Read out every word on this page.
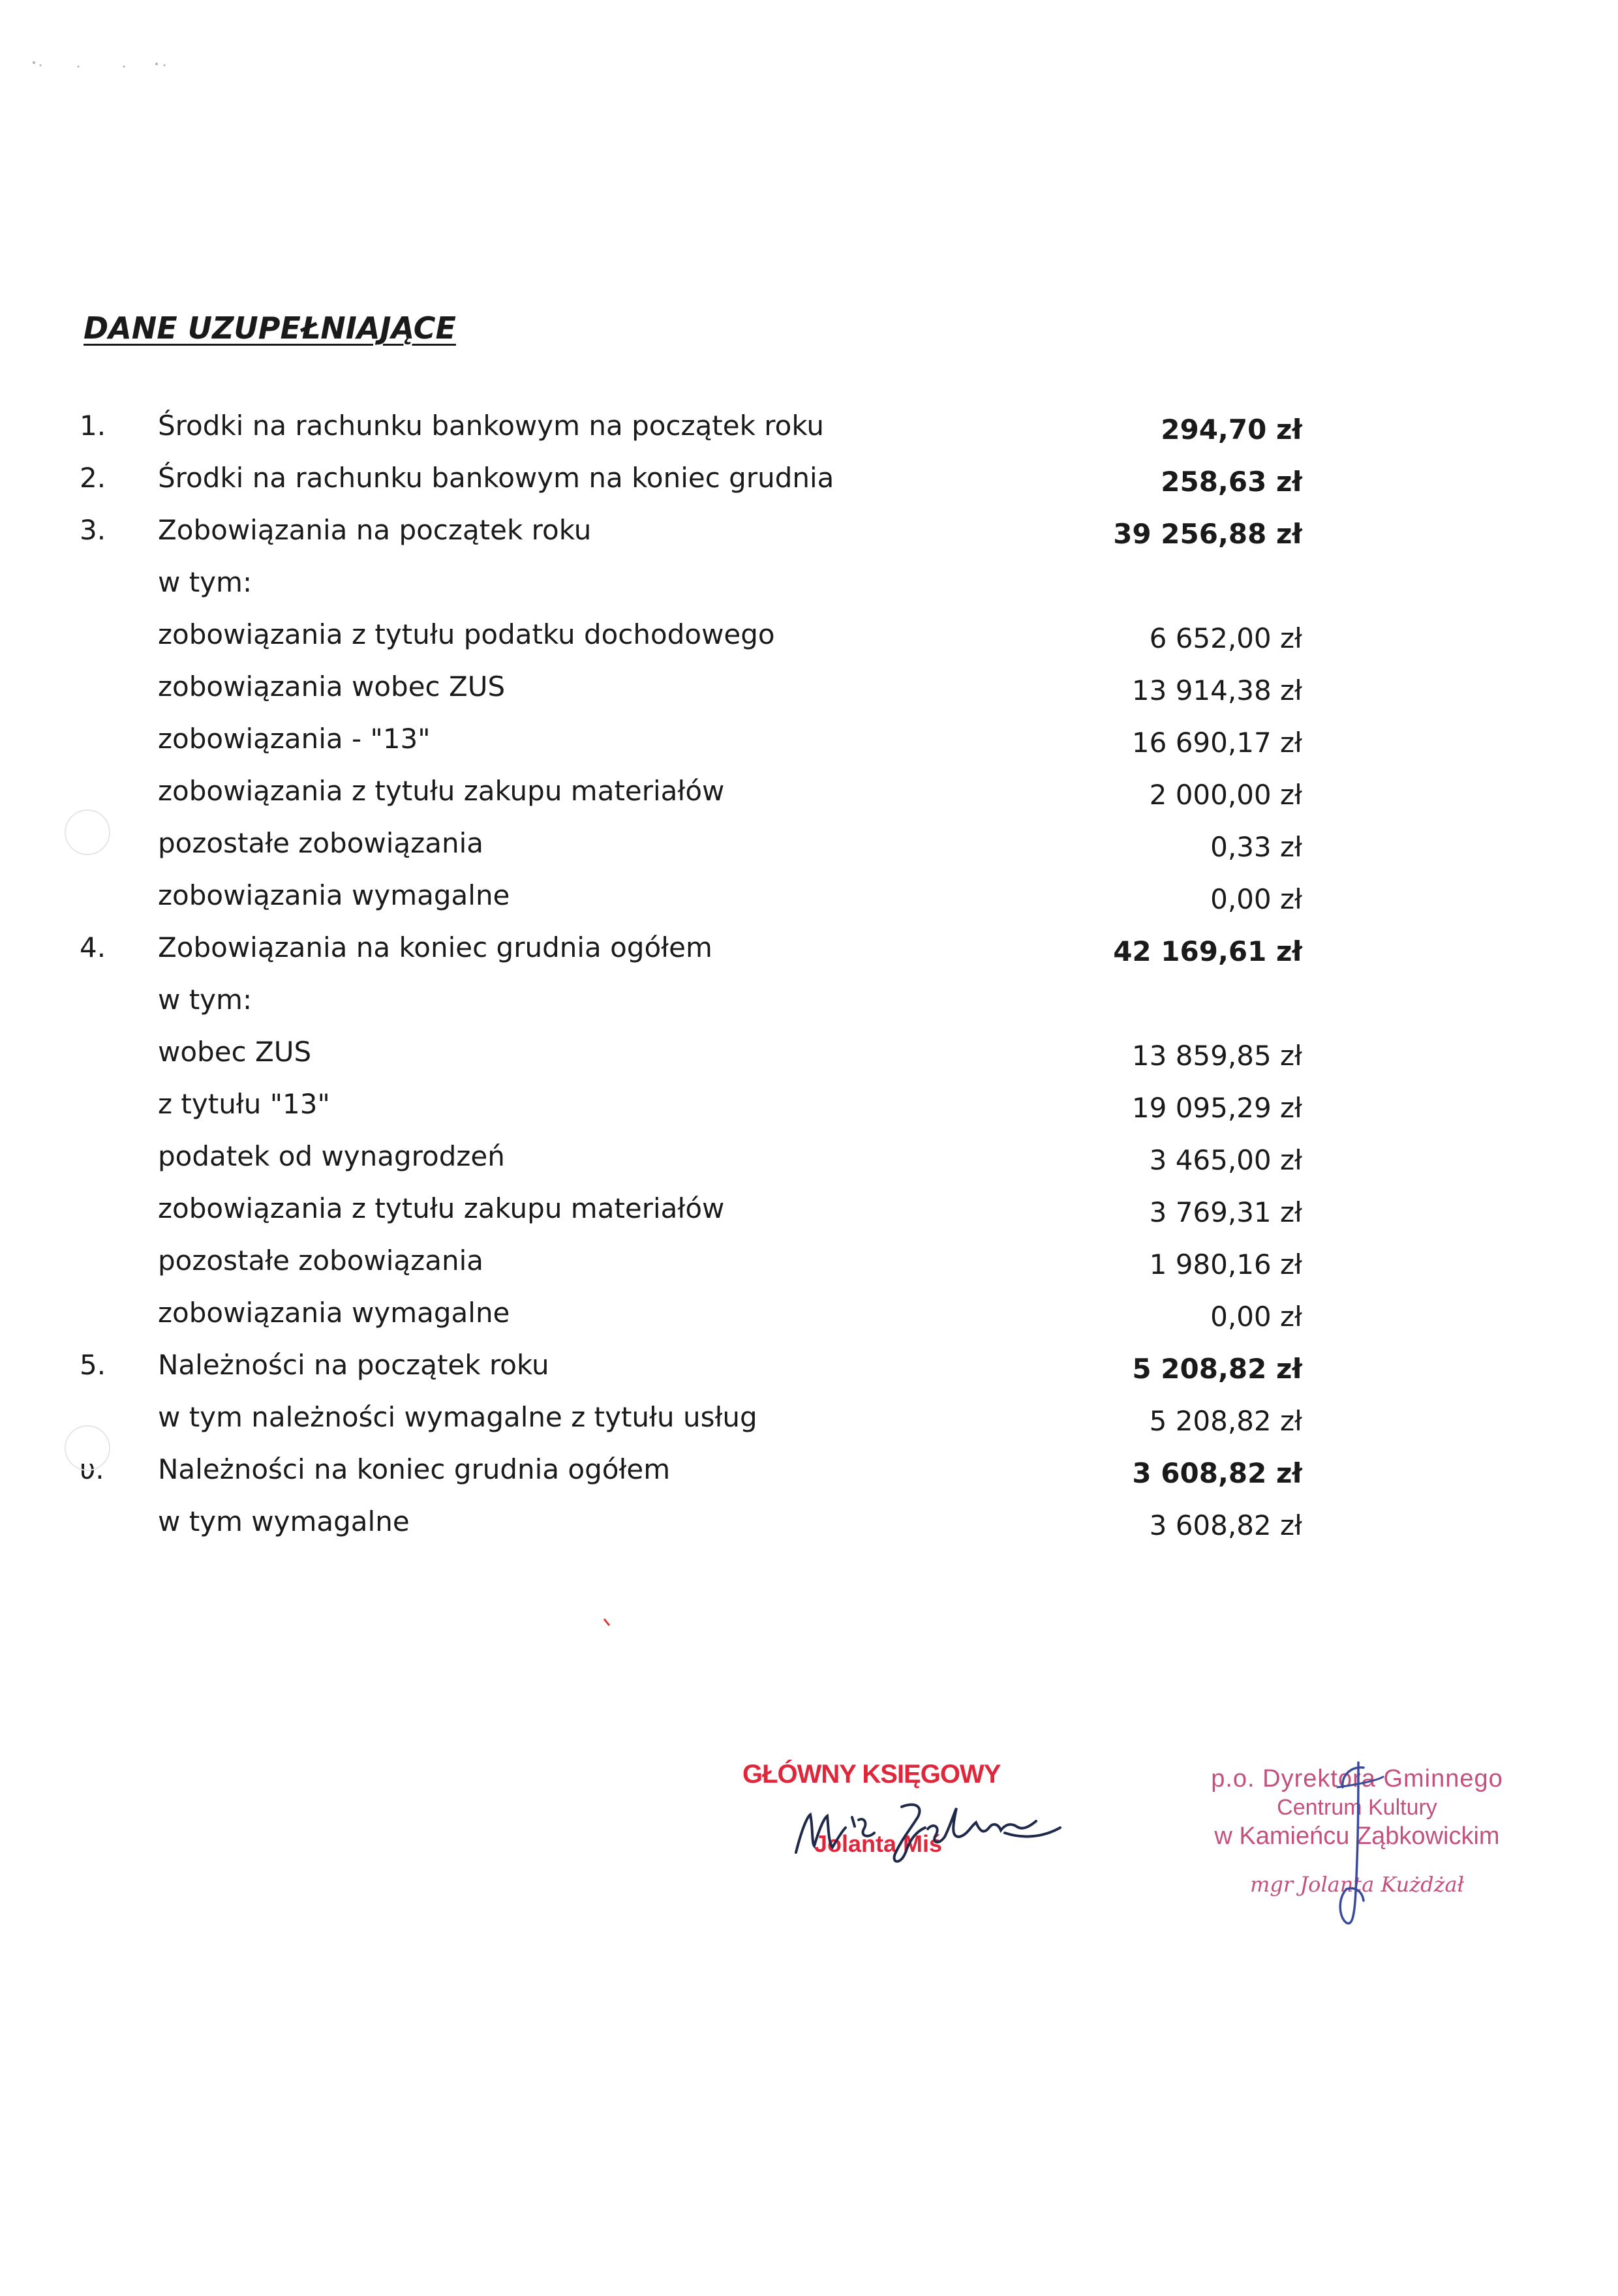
DANE UZUPEŁNIAJĄCE
1. Środki na rachunku bankowym na początek roku	294,70 zł
2. Środki na rachunku bankowym na koniec grudnia	258,63 zł
3. Zobowiązania na początek roku	39 256,88 zł
w tym:
zobowiązania z tytułu podatku dochodowego	6 652,00 zł
zobowiązania wobec ZUS	13 914,38 zł
zobowiązania - "13"	16 690,17 zł
zobowiązania z tytułu zakupu materiałów	2 000,00 zł
pozostałe zobowiązania	0,33 zł
zobowiązania wymagalne	0,00 zł
4. Zobowiązania na koniec grudnia ogółem	42 169,61 zł
w tym:
wobec ZUS	13 859,85 zł
z tytułu "13"	19 095,29 zł
podatek od wynagrodzeń	3 465,00 zł
zobowiązania z tytułu zakupu materiałów	3 769,31 zł
pozostałe zobowiązania	1 980,16 zł
zobowiązania wymagalne	0,00 zł
5. Należności na początek roku	5 208,82 zł
w tym należności wymagalne z tytułu usług	5 208,82 zł
υ. Należności na koniec grudnia ogółem	3 608,82 zł
w tym wymagalne	3 608,82 zł
GŁÓWNY KSIĘGOWY
Jolanta Miś
p.o. Dyrektora Gminnego
Centrum Kultury
w Kamieńcu Ząbkowickim
mgr Jolanta Kużdżał
